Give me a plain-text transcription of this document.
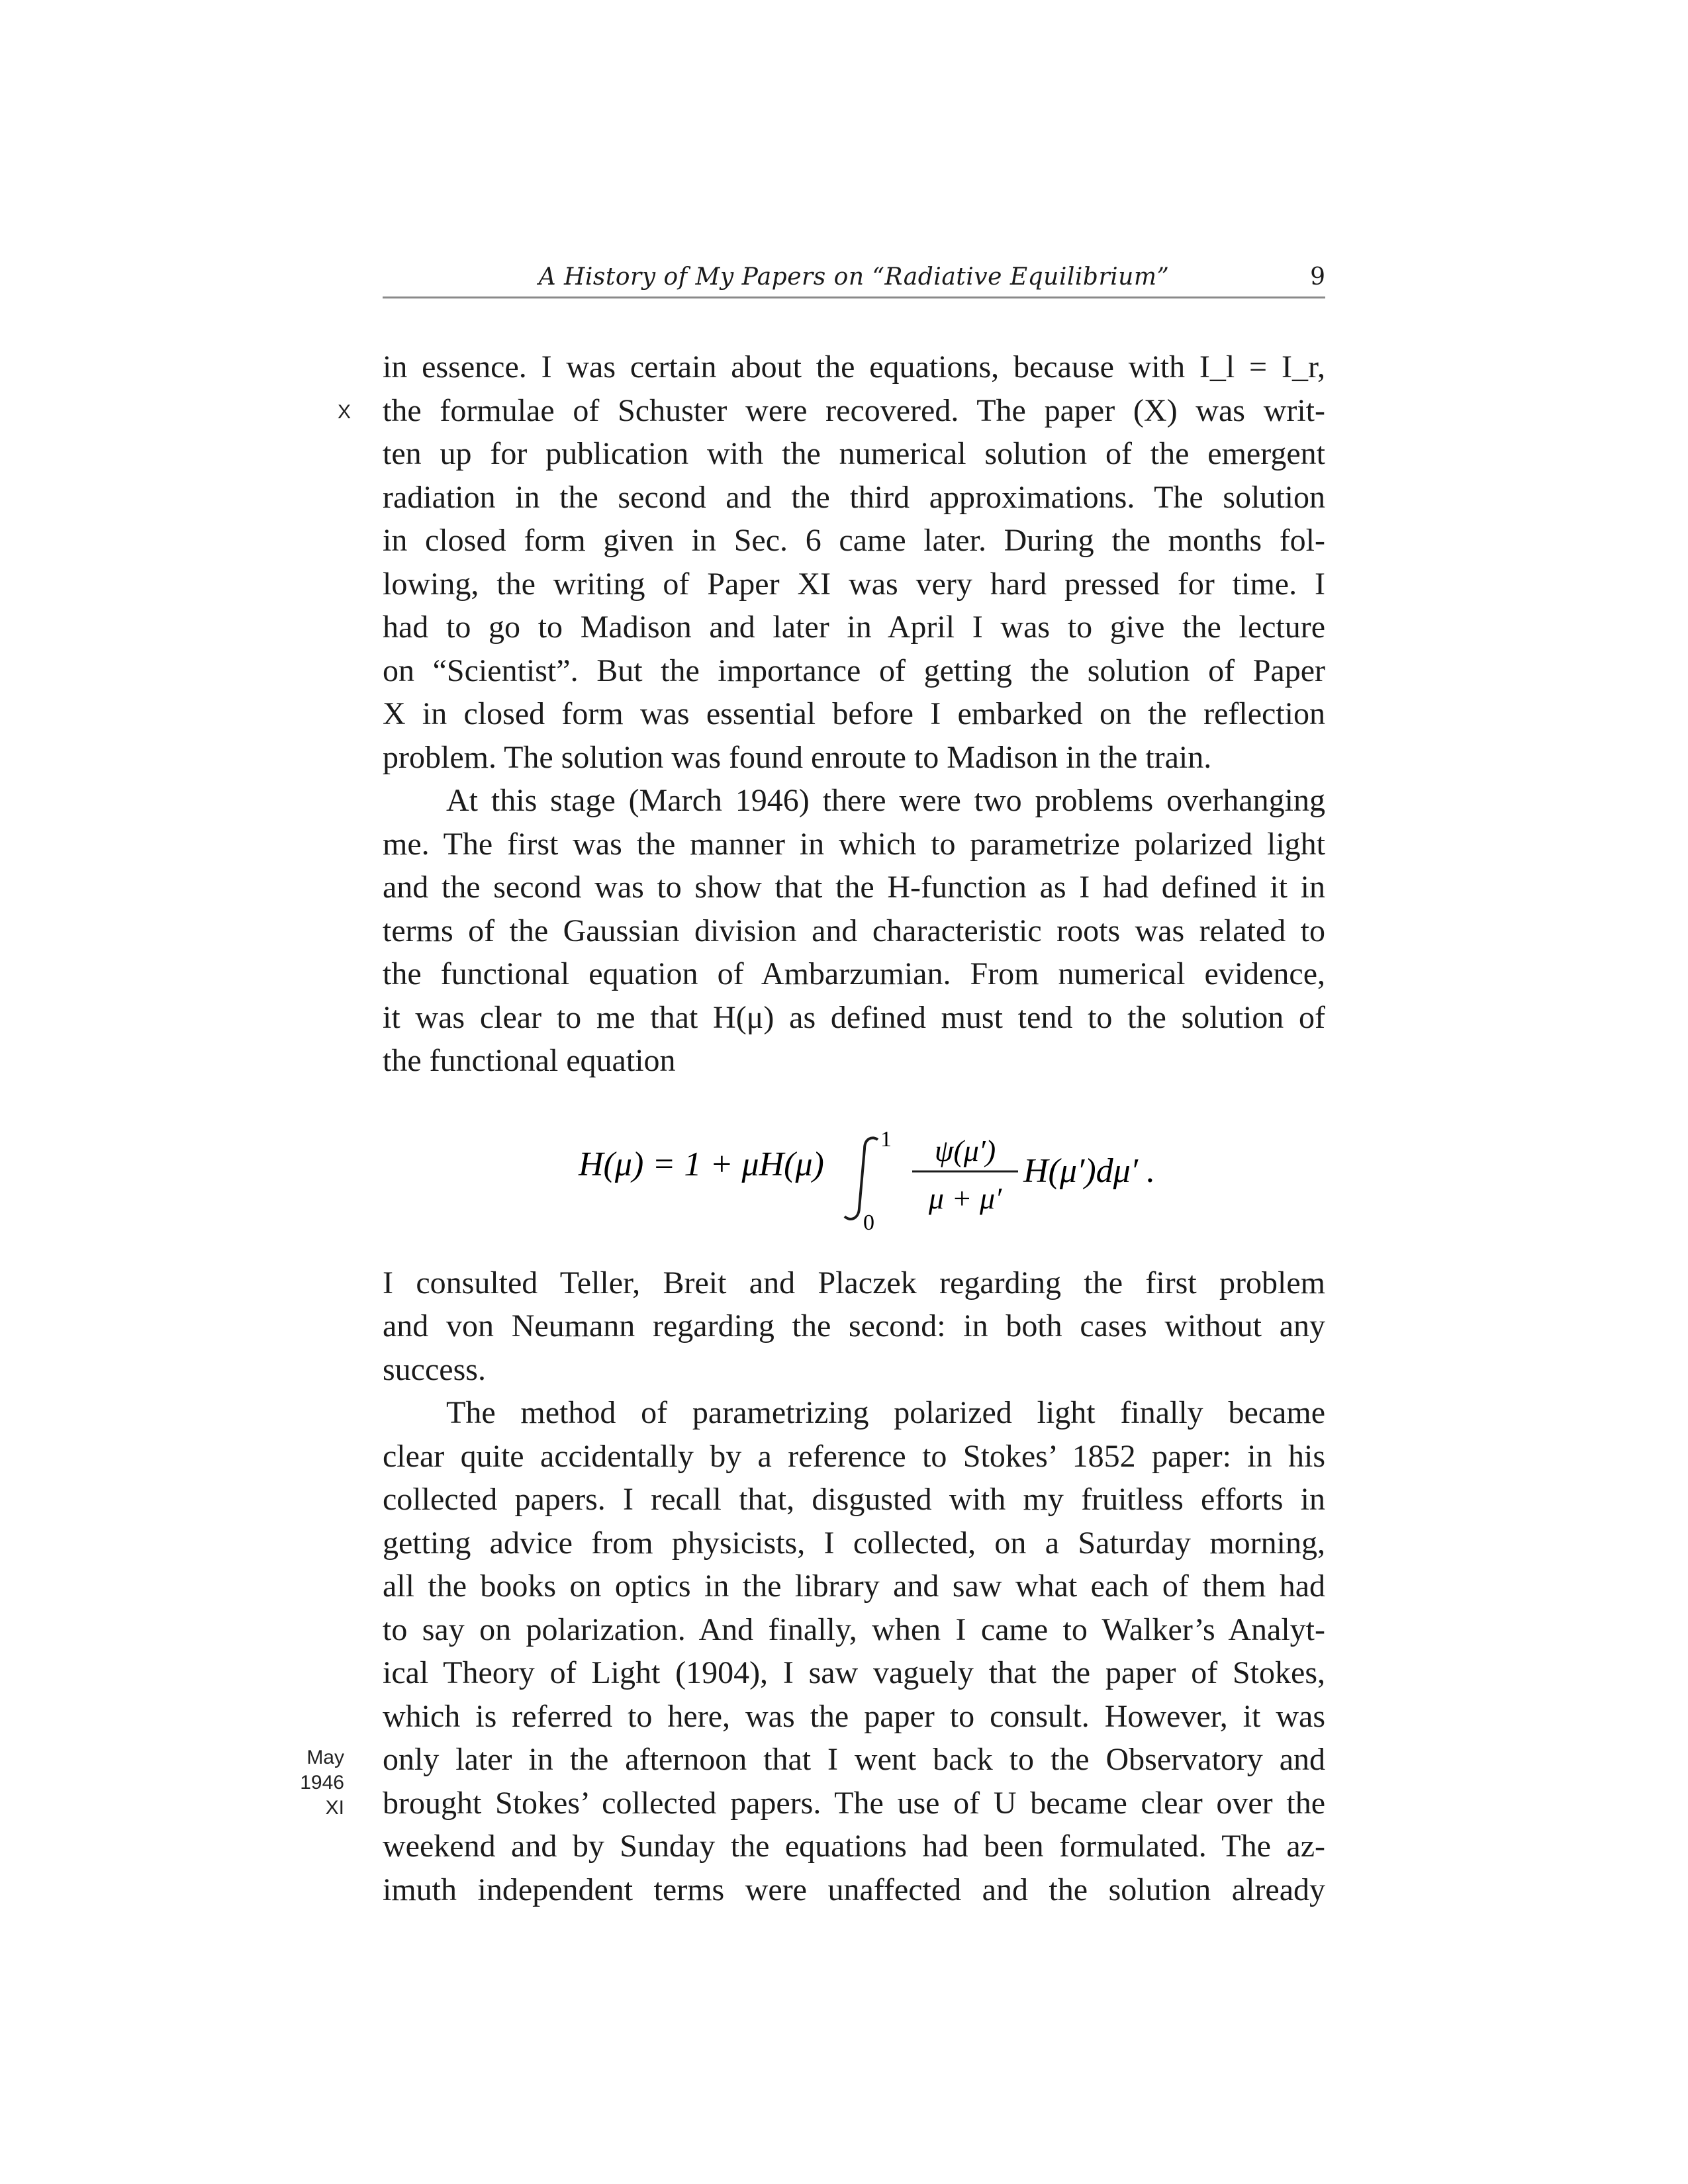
A History of My Papers on “Radiative Equilibrium”	9
X
May
1946
XI
in essence. I was certain about the equations, because with I_l = I_r,
the formulae of Schuster were recovered. The paper (X) was writ-
ten up for publication with the numerical solution of the emergent
radiation in the second and the third approximations. The solution
in closed form given in Sec. 6 came later. During the months fol-
lowing, the writing of Paper XI was very hard pressed for time. I
had to go to Madison and later in April I was to give the lecture
on “Scientist”. But the importance of getting the solution of Paper
X in closed form was essential before I embarked on the reflection
problem. The solution was found enroute to Madison in the train.
At this stage (March 1946) there were two problems overhanging
me. The first was the manner in which to parametrize polarized light
and the second was to show that the H-function as I had defined it in
terms of the Gaussian division and characteristic roots was related to
the functional equation of Ambarzumian. From numerical evidence,
it was clear to me that H(μ) as defined must tend to the solution of
the functional equation
H(μ) = 1 + μH(μ)
1
0
ψ(μ′)
μ + μ′
H(μ′)dμ′ .
I consulted Teller, Breit and Placzek regarding the first problem
and von Neumann regarding the second: in both cases without any
success.
The method of parametrizing polarized light finally became
clear quite accidentally by a reference to Stokes’ 1852 paper: in his
collected papers. I recall that, disgusted with my fruitless efforts in
getting advice from physicists, I collected, on a Saturday morning,
all the books on optics in the library and saw what each of them had
to say on polarization. And finally, when I came to Walker’s Analyt-
ical Theory of Light (1904), I saw vaguely that the paper of Stokes,
which is referred to here, was the paper to consult. However, it was
only later in the afternoon that I went back to the Observatory and
brought Stokes’ collected papers. The use of U became clear over the
weekend and by Sunday the equations had been formulated. The az-
imuth independent terms were unaffected and the solution already
